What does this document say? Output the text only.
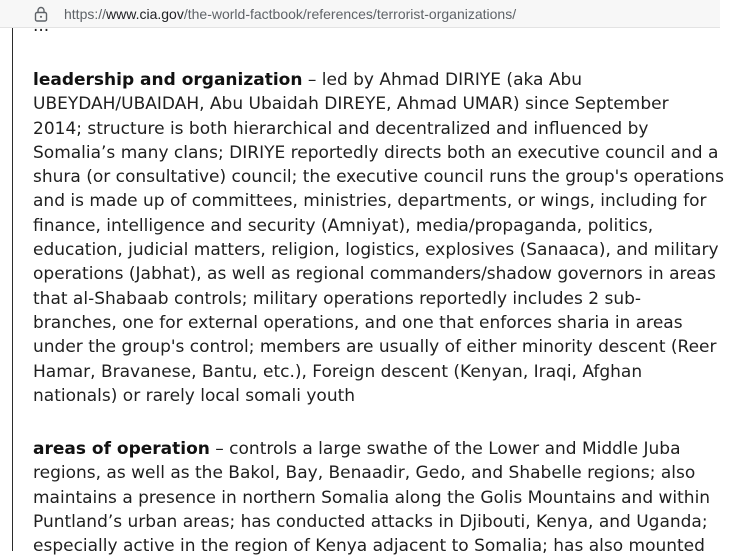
https://www.cia.gov/the-world-factbook/references/terrorist-organizations/
...
leadership and organization – led by Ahmad DIRIYE (aka Abu
UBEYDAH/UBAIDAH, Abu Ubaidah DIREYE, Ahmad UMAR) since September
2014; structure is both hierarchical and decentralized and influenced by
Somalia’s many clans; DIRIYE reportedly directs both an executive council and a
shura (or consultative) council; the executive council runs the group's operations
and is made up of committees, ministries, departments, or wings, including for
finance, intelligence and security (Amniyat), media/propaganda, politics,
education, judicial matters, religion, logistics, explosives (Sanaaca), and military
operations (Jabhat), as well as regional commanders/shadow governors in areas
that al-Shabaab controls; military operations reportedly includes 2 sub-
branches, one for external operations, and one that enforces sharia in areas
under the group's control; members are usually of either minority descent (Reer
Hamar, Bravanese, Bantu, etc.), Foreign descent (Kenyan, Iraqi, Afghan
nationals) or rarely local somali youth
areas of operation – controls a large swathe of the Lower and Middle Juba
regions, as well as the Bakol, Bay, Benaadir, Gedo, and Shabelle regions; also
maintains a presence in northern Somalia along the Golis Mountains and within
Puntland’s urban areas; has conducted attacks in Djibouti, Kenya, and Uganda;
especially active in the region of Kenya adjacent to Somalia; has also mounted
